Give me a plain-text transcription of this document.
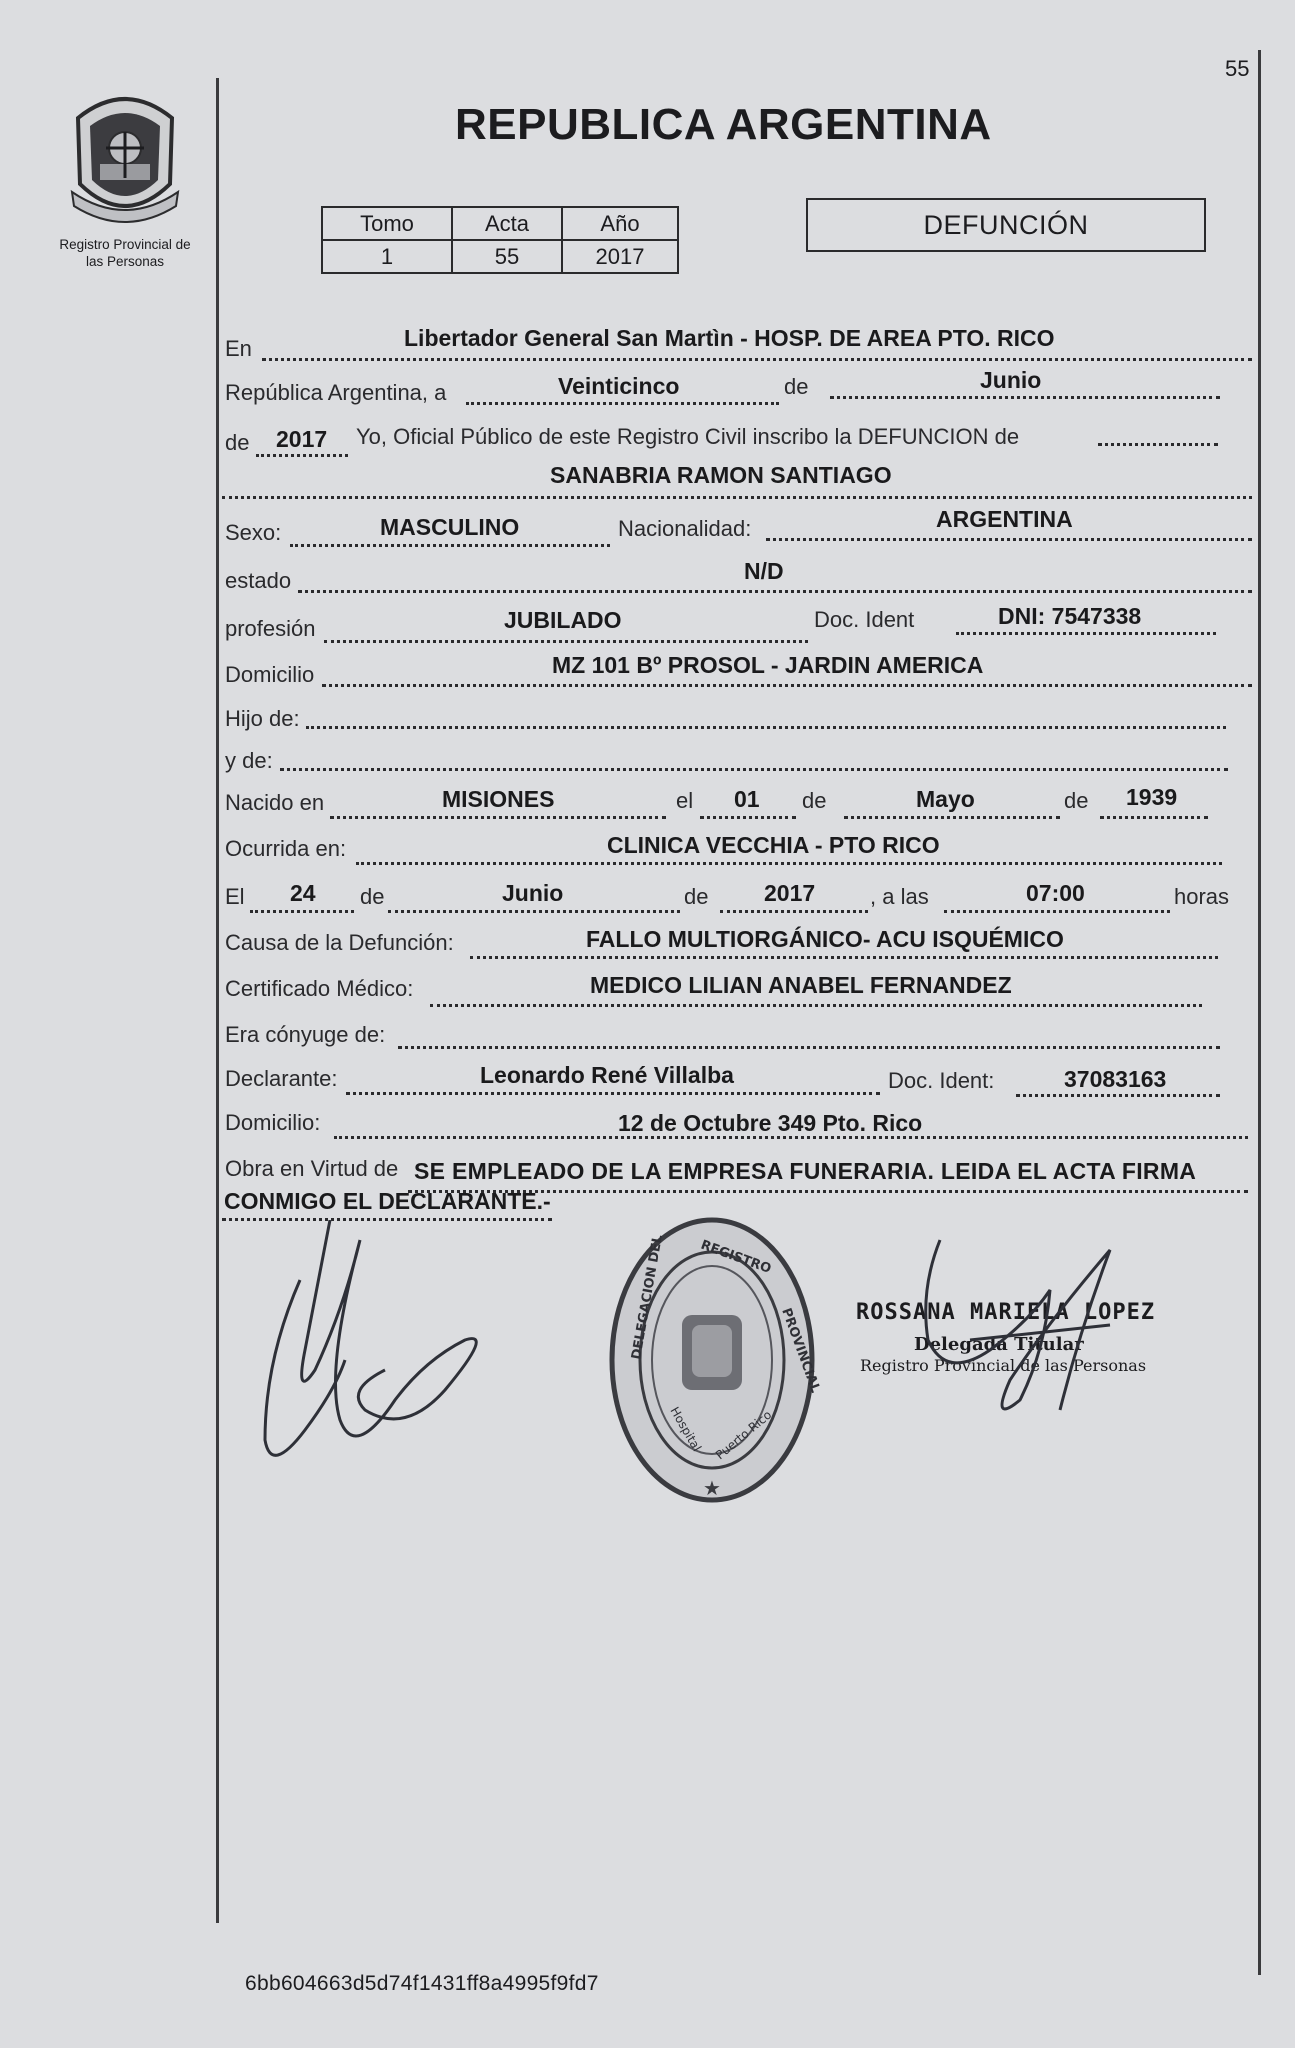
55
Registro Provincial de
las Personas
REPUBLICA ARGENTINA
Tomo	Acta	Año
1	55	2017
DEFUNCIÓN
En	Libertador General San Martìn - HOSP. DE AREA PTO. RICO
República Argentina, a	Veinticinco	de	Junio
de 2017 Yo, Oficial Público de este Registro Civil inscribo la DEFUNCION de
SANABRIA RAMON SANTIAGO
Sexo:	MASCULINO	Nacionalidad:	ARGENTINA
estado	N/D
profesión	JUBILADO	Doc. Ident	DNI: 7547338
Domicilio	MZ 101 Bº PROSOL - JARDIN AMERICA
Hijo de:
y de:
Nacido en	MISIONES	el 01 de	Mayo	de 1939
Ocurrida en:	CLINICA VECCHIA - PTO RICO
El 24 de	Junio	de 2017 , a las	07:00	horas
Causa de la Defunción:	FALLO MULTIORGÁNICO- ACU ISQUÉMICO
Certificado Médico:	MEDICO LILIAN ANABEL FERNANDEZ
Era cónyuge de:
Declarante:	Leonardo René Villalba	Doc. Ident:	37083163
Domicilio:	12 de Octubre 349 Pto. Rico
Obra en Virtud de SE EMPLEADO DE LA EMPRESA FUNERARIA. LEIDA EL ACTA FIRMA
CONMIGO EL DECLARANTE.-
★
DELEGACION DEL	REGISTRO
PROVINCIAL
Hospital Puerto Rico
ROSSANA MARIELA LOPEZ
Delegada Titular
Registro Provincial de las Personas
6bb604663d5d74f1431ff8a4995f9fd7
